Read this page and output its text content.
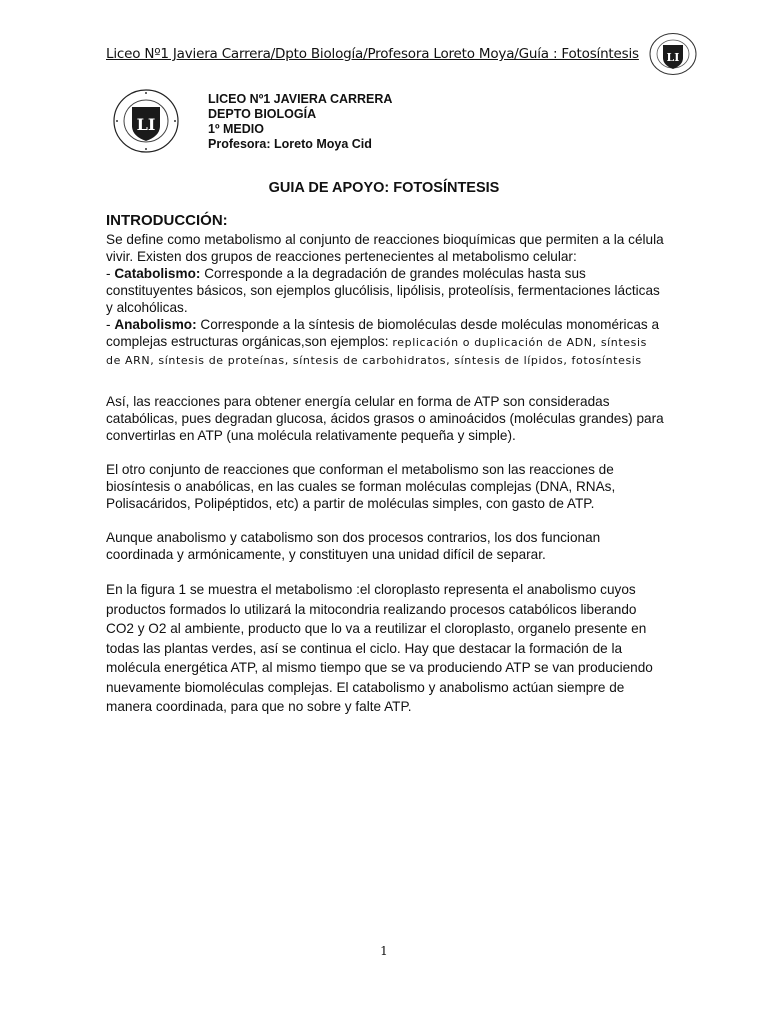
Liceo Nº1 Javiera Carrera/Dpto Biología/Profesora Loreto Moya/Guía : Fotosíntesis	LI
LI
LICEO Nº1 JAVIERA CARRERA
DEPTO BIOLOGÍA
1º MEDIO
Profesora: Loreto Moya Cid
GUIA DE APOYO: FOTOSÍNTESIS
INTRODUCCIÓN:

Se define como metabolismo al conjunto de reacciones bioquímicas que permiten a la célula vivir. Existen dos grupos de reacciones pertenecientes al metabolismo celular:

- Catabolismo: Corresponde a la degradación de grandes moléculas hasta sus constituyentes básicos, son ejemplos glucólisis, lipólisis, proteolísis, fermentaciones lácticas y alcohólicas.

- Anabolismo: Corresponde a la síntesis de biomoléculas desde moléculas monoméricas a complejas estructuras orgánicas,son ejemplos: replicación o duplicación de ADN, síntesis de ARN, síntesis de proteínas, síntesis de carbohidratos, síntesis de lípidos, fotosíntesis

Así, las reacciones para obtener energía celular en forma de ATP son consideradas catabólicas, pues degradan glucosa, ácidos grasos o aminoácidos (moléculas grandes) para convertirlas en ATP (una molécula relativamente pequeña y simple).

El otro conjunto de reacciones que conforman el metabolismo son las reacciones de biosíntesis o anabólicas, en las cuales se forman moléculas complejas (DNA, RNAs, Polisacáridos, Polipéptidos, etc) a partir de moléculas simples, con gasto de ATP.

Aunque anabolismo y catabolismo son dos procesos contrarios, los dos funcionan coordinada y armónicamente, y constituyen una unidad difícil de separar.

En la figura 1 se muestra el metabolismo :el cloroplasto representa el anabolismo cuyos productos formados lo utilizará la mitocondria realizando procesos catabólicos liberando CO2 y O2 al ambiente, producto que lo va a reutilizar el cloroplasto, organelo presente en todas las plantas verdes, así se continua el ciclo. Hay que destacar la formación de la molécula energética ATP, al mismo tiempo que se va produciendo ATP se van produciendo nuevamente biomoléculas complejas. El catabolismo y anabolismo actúan siempre de manera coordinada, para que no sobre y falte ATP.

1
